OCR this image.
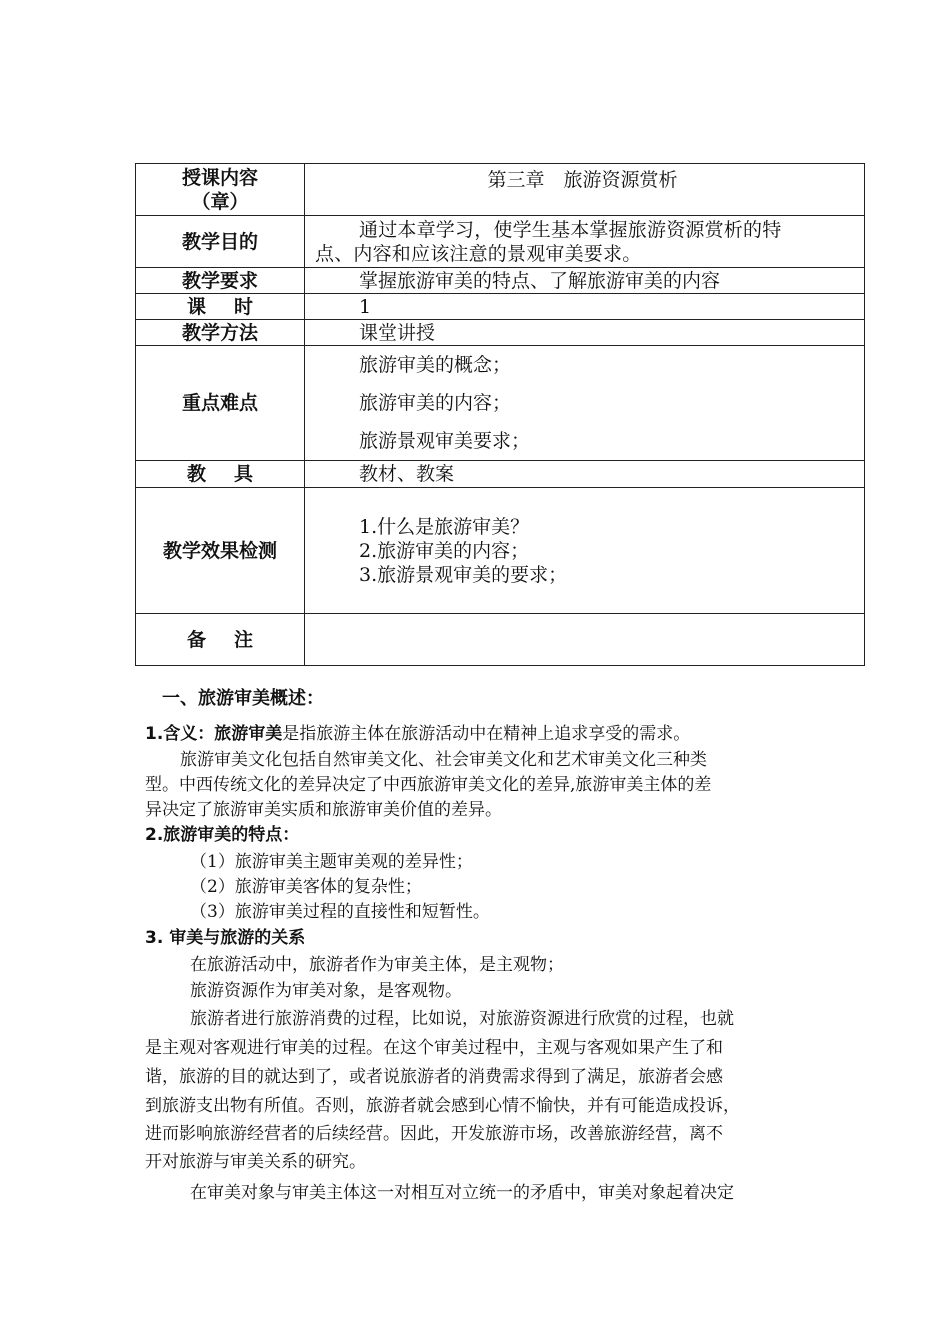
授课内容
（章）	第三章　旅游资源赏析
教学目的	通过本章学习，使学生基本掌握旅游资源赏析的特
点、内容和应该注意的景观审美要求。

教学要求	掌握旅游审美的特点、了解旅游审美的内容
课 时	1
教学方法	课堂讲授
重点难点	旅游审美的概念；
旅游审美的内容；
旅游景观审美要求；

教 具	教材、教案
教学效果检测	1.什么是旅游审美？
2.旅游审美的内容；
3.旅游景观审美的要求；

备 注	
一、旅游审美概述：
1.含义：旅游审美是指旅游主体在旅游活动中在精神上追求享受的需求。
旅游审美文化包括自然审美文化、社会审美文化和艺术审美文化三种类
型。中西传统文化的差异决定了中西旅游审美文化的差异,旅游审美主体的差
异决定了旅游审美实质和旅游审美价值的差异。
2.旅游审美的特点：
（1）旅游审美主题审美观的差异性；
（2）旅游审美客体的复杂性；
（3）旅游审美过程的直接性和短暂性。
3. 审美与旅游的关系
在旅游活动中，旅游者作为审美主体，是主观物；
旅游资源作为审美对象，是客观物。
旅游者进行旅游消费的过程，比如说，对旅游资源进行欣赏的过程，也就
是主观对客观进行审美的过程。在这个审美过程中，主观与客观如果产生了和
谐，旅游的目的就达到了，或者说旅游者的消费需求得到了满足，旅游者会感
到旅游支出物有所值。否则，旅游者就会感到心情不愉快，并有可能造成投诉，
进而影响旅游经营者的后续经营。因此，开发旅游市场，改善旅游经营，离不
开对旅游与审美关系的研究。
在审美对象与审美主体这一对相互对立统一的矛盾中，审美对象起着决定
